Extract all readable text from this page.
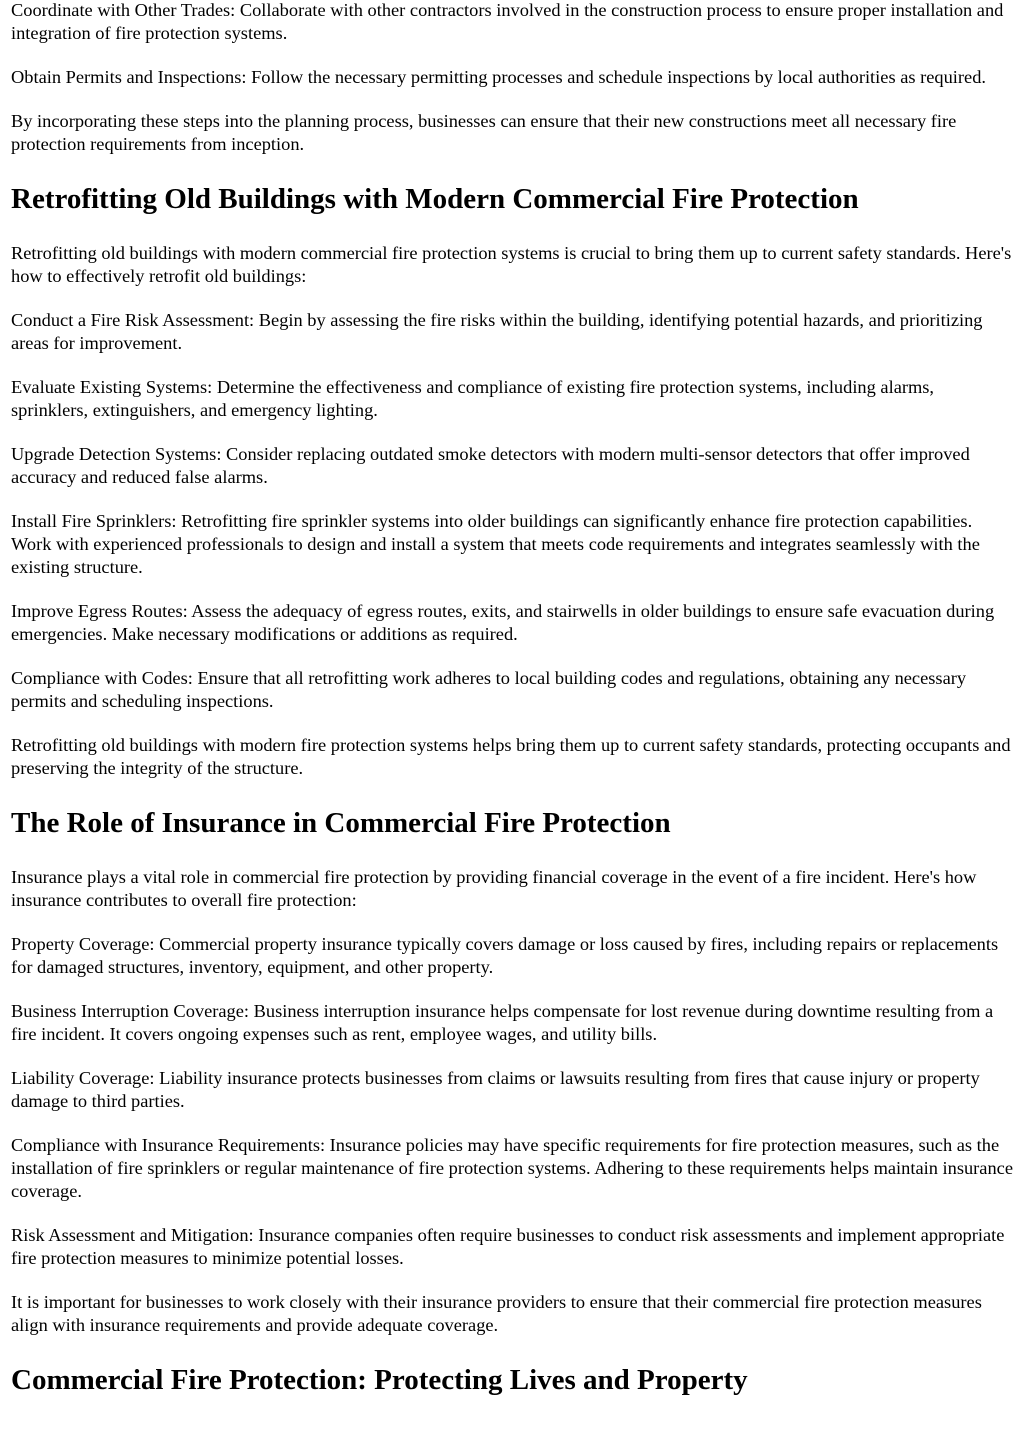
Coordinate with Other Trades: Collaborate with other contractors involved in the construction process to ensure proper installation and integration of fire protection systems.

Obtain Permits and Inspections: Follow the necessary permitting processes and schedule inspections by local authorities as required.

By incorporating these steps into the planning process, businesses can ensure that their new constructions meet all necessary fire protection requirements from inception.

Retrofitting Old Buildings with Modern Commercial Fire Protection

Retrofitting old buildings with modern commercial fire protection systems is crucial to bring them up to current safety standards. Here's how to effectively retrofit old buildings:

Conduct a Fire Risk Assessment: Begin by assessing the fire risks within the building, identifying potential hazards, and prioritizing areas for improvement.

Evaluate Existing Systems: Determine the effectiveness and compliance of existing fire protection systems, including alarms, sprinklers, extinguishers, and emergency lighting.

Upgrade Detection Systems: Consider replacing outdated smoke detectors with modern multi-sensor detectors that offer improved accuracy and reduced false alarms.

Install Fire Sprinklers: Retrofitting fire sprinkler systems into older buildings can significantly enhance fire protection capabilities. Work with experienced professionals to design and install a system that meets code requirements and integrates seamlessly with the existing structure.

Improve Egress Routes: Assess the adequacy of egress routes, exits, and stairwells in older buildings to ensure safe evacuation during emergencies. Make necessary modifications or additions as required.

Compliance with Codes: Ensure that all retrofitting work adheres to local building codes and regulations, obtaining any necessary permits and scheduling inspections.

Retrofitting old buildings with modern fire protection systems helps bring them up to current safety standards, protecting occupants and preserving the integrity of the structure.

The Role of Insurance in Commercial Fire Protection

Insurance plays a vital role in commercial fire protection by providing financial coverage in the event of a fire incident. Here's how insurance contributes to overall fire protection:

Property Coverage: Commercial property insurance typically covers damage or loss caused by fires, including repairs or replacements for damaged structures, inventory, equipment, and other property.

Business Interruption Coverage: Business interruption insurance helps compensate for lost revenue during downtime resulting from a fire incident. It covers ongoing expenses such as rent, employee wages, and utility bills.

Liability Coverage: Liability insurance protects businesses from claims or lawsuits resulting from fires that cause injury or property damage to third parties.

Compliance with Insurance Requirements: Insurance policies may have specific requirements for fire protection measures, such as the installation of fire sprinklers or regular maintenance of fire protection systems. Adhering to these requirements helps maintain insurance coverage.

Risk Assessment and Mitigation: Insurance companies often require businesses to conduct risk assessments and implement appropriate fire protection measures to minimize potential losses.

It is important for businesses to work closely with their insurance providers to ensure that their commercial fire protection measures align with insurance requirements and provide adequate coverage.

Commercial Fire Protection: Protecting Lives and Property
